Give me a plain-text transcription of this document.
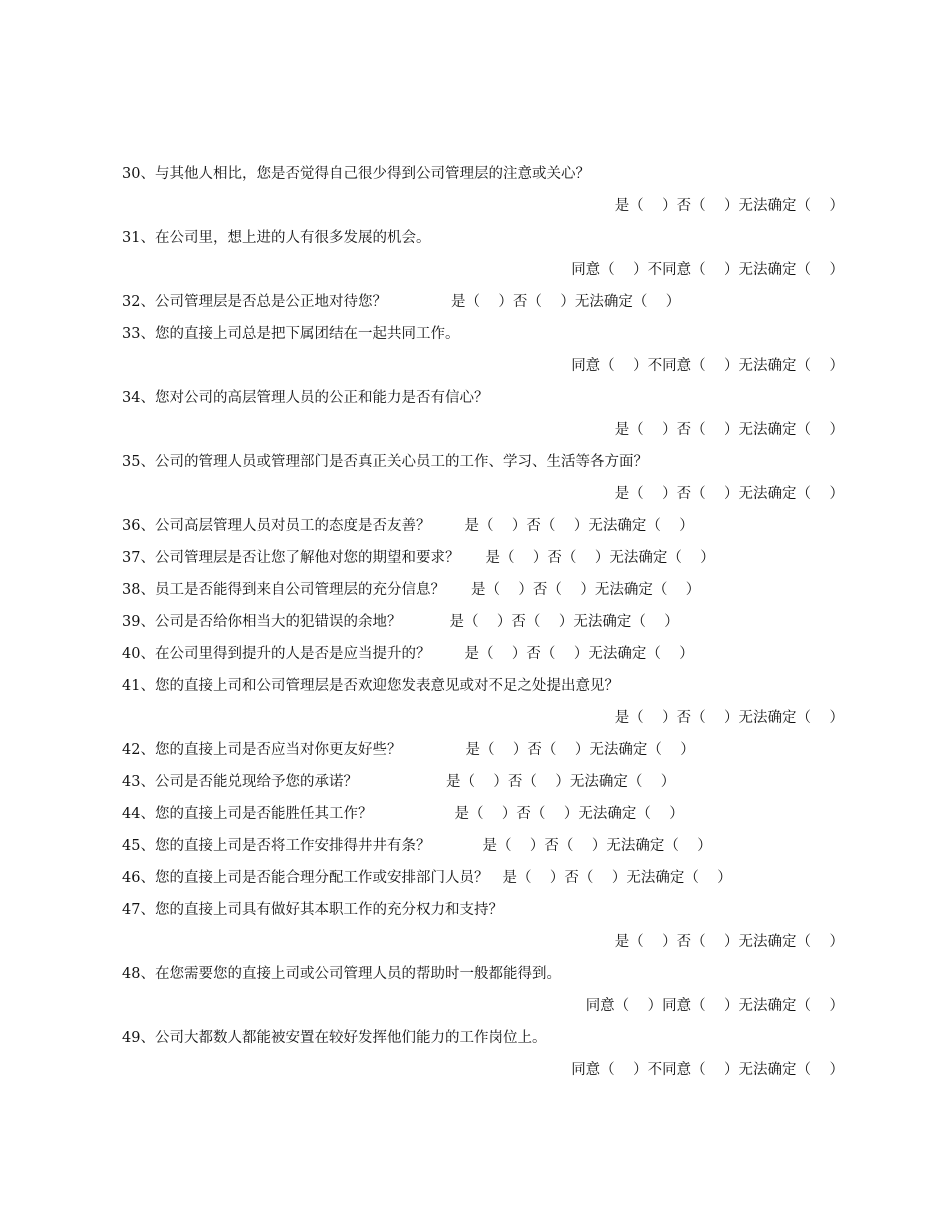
30、与其他人相比，您是否觉得自己很少得到公司管理层的注意或关心？
是（    ）否（    ）无法确定（    ）
31、在公司里，想上进的人有很多发展的机会。
同意（    ）不同意（    ）无法确定（    ）
32、公司管理层是否总是公正地对待您？	是（    ）否（    ）无法确定（    ）
33、您的直接上司总是把下属团结在一起共同工作。
同意（    ）不同意（    ）无法确定（    ）
34、您对公司的高层管理人员的公正和能力是否有信心？
是（    ）否（    ）无法确定（    ）
35、公司的管理人员或管理部门是否真正关心员工的工作、学习、生活等各方面？
是（    ）否（    ）无法确定（    ）
36、公司高层管理人员对员工的态度是否友善？ 是（    ）否（    ）无法确定（    ）
37、公司管理层是否让您了解他对您的期望和要求？ 是（    ）否（    ）无法确定（    ）
38、员工是否能得到来自公司管理层的充分信息？ 是（    ）否（    ）无法确定（    ）
39、公司是否给你相当大的犯错误的余地？	是（    ）否（    ）无法确定（    ）
40、在公司里得到提升的人是否是应当提升的？ 是（    ）否（    ）无法确定（    ）
41、您的直接上司和公司管理层是否欢迎您发表意见或对不足之处提出意见？
是（    ）否（    ）无法确定（    ）
42、您的直接上司是否应当对你更友好些？	是（    ）否（    ）无法确定（    ）
43、公司是否能兑现给予您的承诺？	是（    ）否（    ）无法确定（    ）
44、您的直接上司是否能胜任其工作？	是（    ）否（    ）无法确定（    ）
45、您的直接上司是否将工作安排得井井有条？	是（    ）否（    ）无法确定（    ）
46、您的直接上司是否能合理分配工作或安排部门人员？ 是（    ）否（    ）无法确定（    ）
47、您的直接上司具有做好其本职工作的充分权力和支持？
是（    ）否（    ）无法确定（    ）
48、在您需要您的直接上司或公司管理人员的帮助时一般都能得到。
同意（    ）同意（    ）无法确定（    ）
49、公司大都数人都能被安置在较好发挥他们能力的工作岗位上。
同意（    ）不同意（    ）无法确定（    ）
